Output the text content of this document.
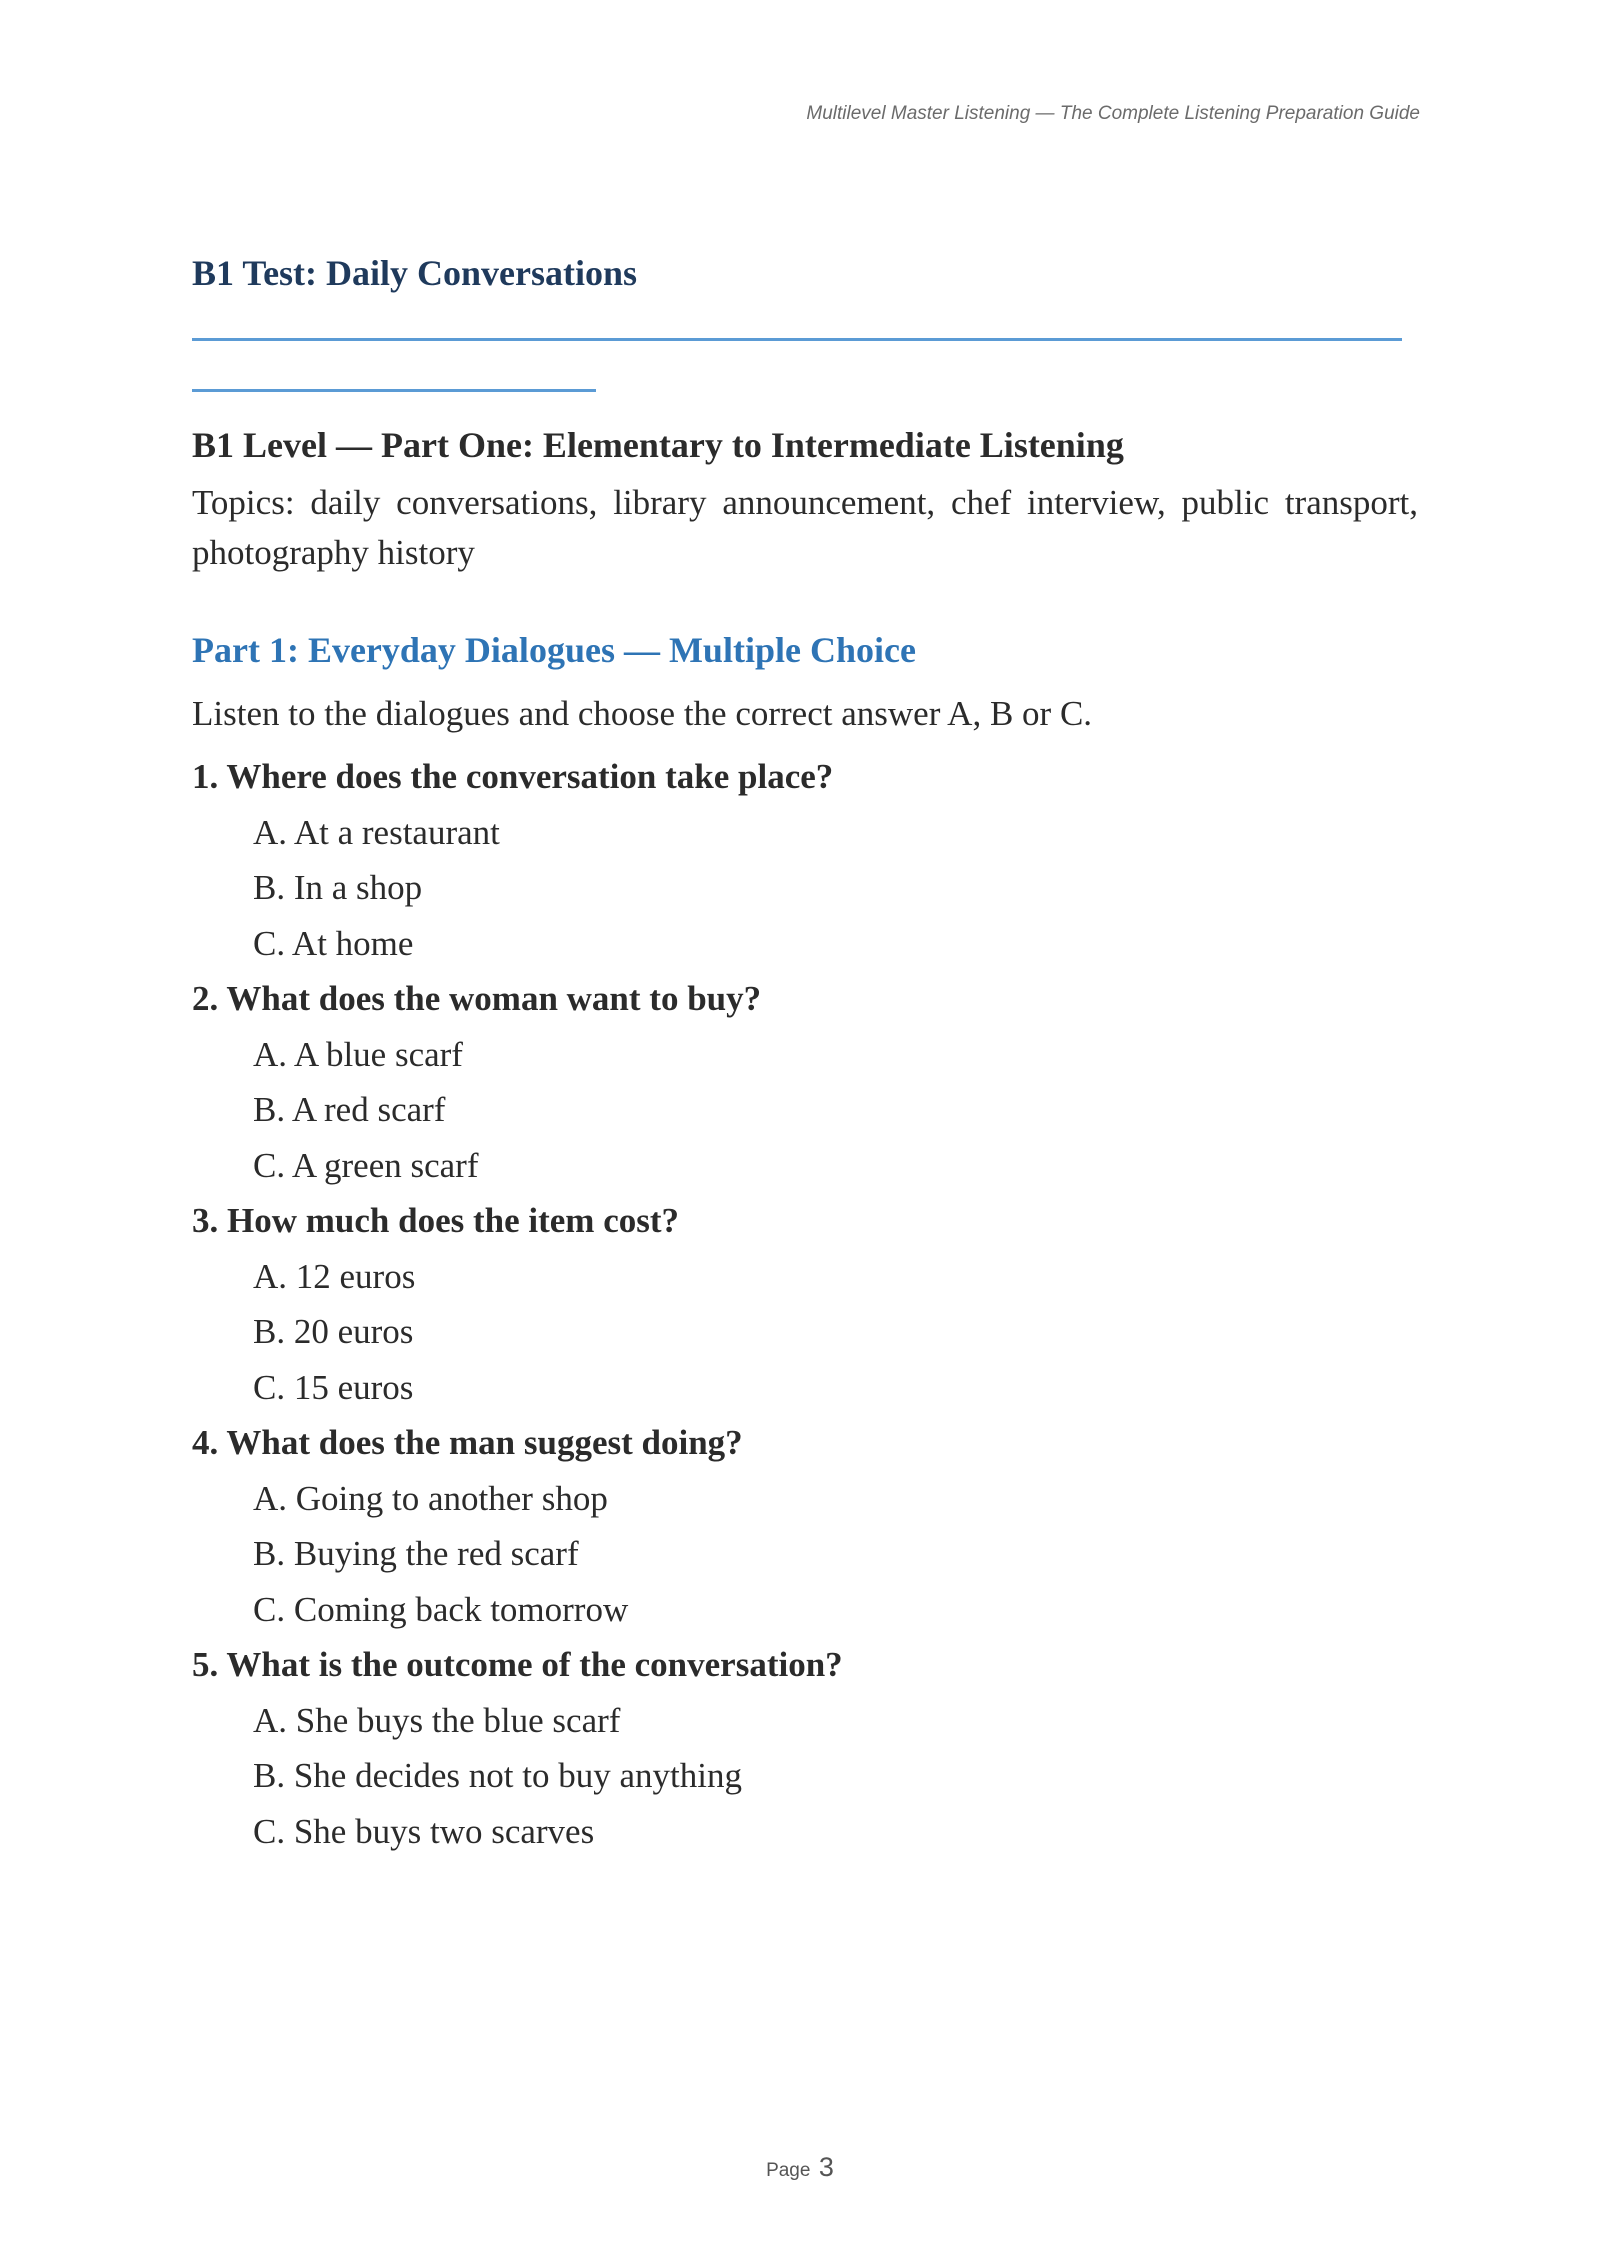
Multilevel Master Listening — The Complete Listening Preparation Guide
B1 Test: Daily Conversations
B1 Level — Part One: Elementary to Intermediate Listening

Topics: daily conversations, library announcement, chef interview, public transport, photography history

Part 1: Everyday Dialogues — Multiple Choice

Listen to the dialogues and choose the correct answer A, B or C.

1. Where does the conversation take place?
A. At a restaurant
B. In a shop
C. At home
2. What does the woman want to buy?
A. A blue scarf
B. A red scarf
C. A green scarf
3. How much does the item cost?
A. 12 euros
B. 20 euros
C. 15 euros
4. What does the man suggest doing?
A. Going to another shop
B. Buying the red scarf
C. Coming back tomorrow
5. What is the outcome of the conversation?
A. She buys the blue scarf
B. She decides not to buy anything
C. She buys two scarves
Page 3
